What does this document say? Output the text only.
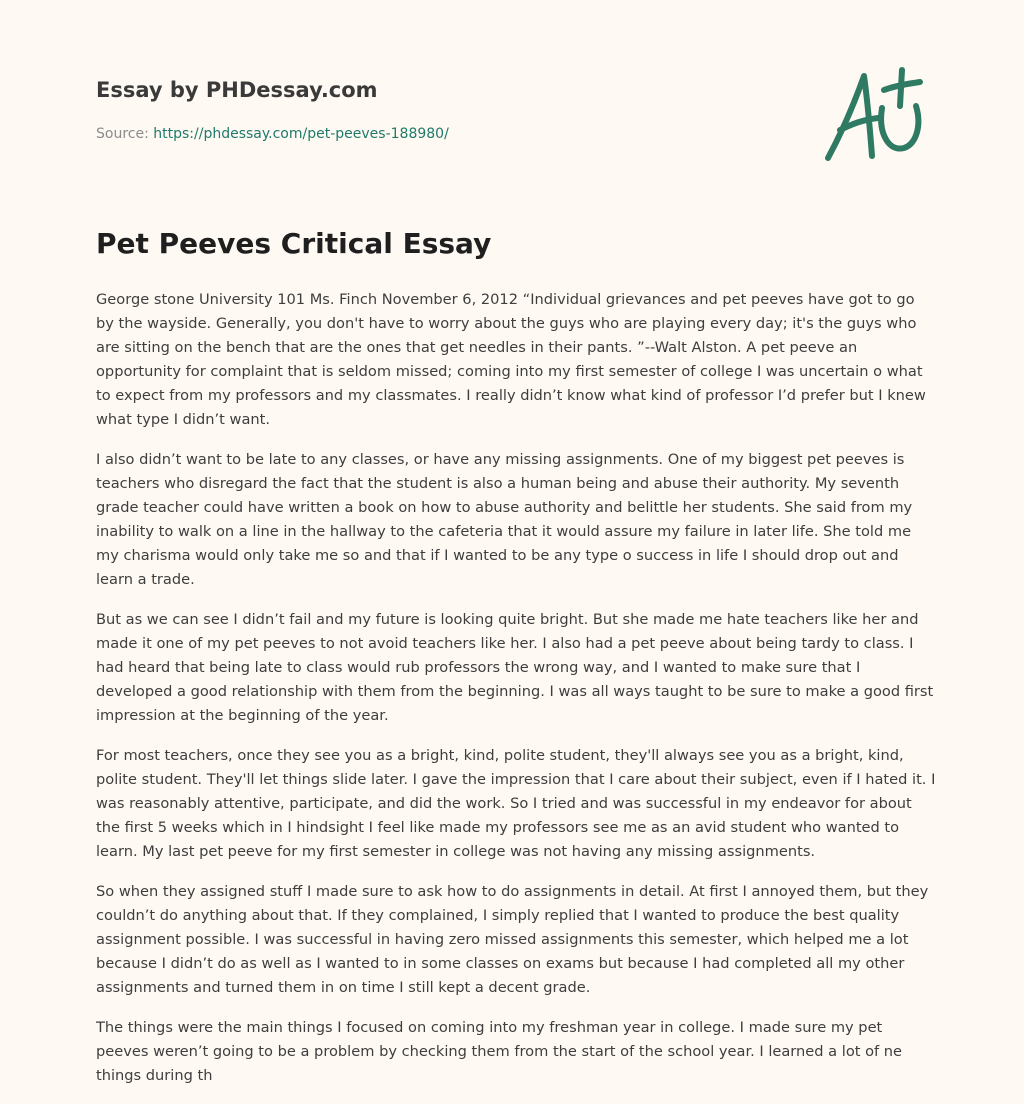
Essay by PHDessay.com
Source: https://phdessay.com/pet-peeves-188980/
Pet Peeves Critical Essay

George stone University 101 Ms. Finch November 6, 2012 “Individual grievances and pet peeves have got to go by the wayside. Generally, you don't have to worry about the guys who are playing every day; it's the guys who are sitting on the bench that are the ones that get needles in their pants. ”--Walt Alston. A pet peeve an opportunity for complaint that is seldom missed; coming into my first semester of college I was uncertain o what to expect from my professors and my classmates. I really didn’t know what kind of professor I’d prefer but I knew what type I didn’t want.

I also didn’t want to be late to any classes, or have any missing assignments. One of my biggest pet peeves is teachers who disregard the fact that the student is also a human being and abuse their authority. My seventh grade teacher could have written a book on how to abuse authority and belittle her students. She said from my inability to walk on a line in the hallway to the cafeteria that it would assure my failure in later life. She told me my charisma would only take me so and that if I wanted to be any type o success in life I should drop out and learn a trade.

But as we can see I didn’t fail and my future is looking quite bright. But she made me hate teachers like her and made it one of my pet peeves to not avoid teachers like her. I also had a pet peeve about being tardy to class. I had heard that being late to class would rub professors the wrong way, and I wanted to make sure that I developed a good relationship with them from the beginning. I was all ways taught to be sure to make a good first impression at the beginning of the year.

For most teachers, once they see you as a bright, kind, polite student, they'll always see you as a bright, kind, polite student. They'll let things slide later. I gave the impression that I care about their subject, even if I hated it. I was reasonably attentive, participate, and did the work. So I tried and was successful in my endeavor for about the first 5 weeks which in I hindsight I feel like made my professors see me as an avid student who wanted to learn. My last pet peeve for my first semester in college was not having any missing assignments.

So when they assigned stuff I made sure to ask how to do assignments in detail. At first I annoyed them, but they couldn’t do anything about that. If they complained, I simply replied that I wanted to produce the best quality assignment possible. I was successful in having zero missed assignments this semester, which helped me a lot because I didn’t do as well as I wanted to in some classes on exams but because I had completed all my other assignments and turned them in on time I still kept a decent grade.

The things were the main things I focused on coming into my freshman year in college. I made sure my pet peeves weren’t going to be a problem by checking them from the start of the school year. I learned a lot of ne things during th
